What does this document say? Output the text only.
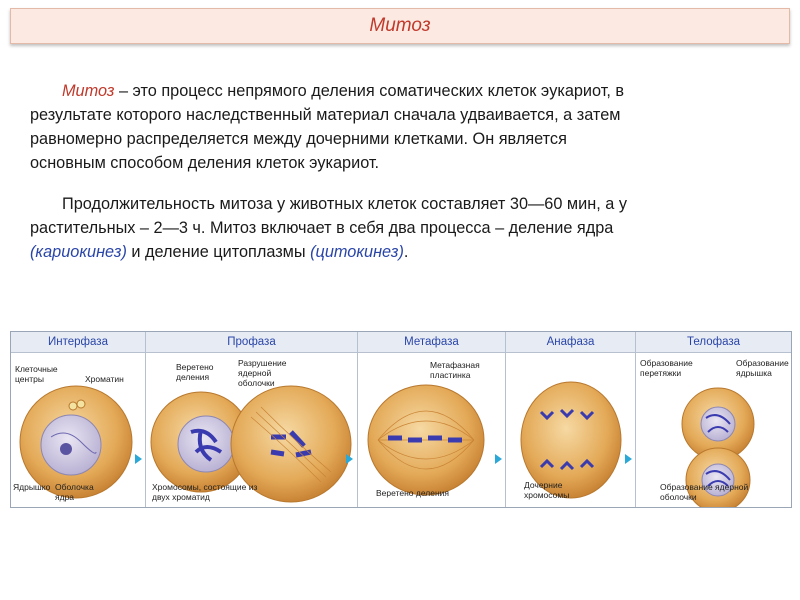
Митоз
Митоз – это процесс непрямого деления соматических клеток эукариот, в
результате которого наследственный материал сначала удваивается, а затем
равномерно распределяется между дочерними клетками. Он является
основным способом деления клеток эукариот.
Продолжительность митоза у животных клеток составляет 30—60 мин, а у
растительных – 2—3 ч. Митоз включает в себя два процесса – деление ядра
(кариокинез) и деление цитоплазмы (цитокинез).
Интерфаза
Клеточные центры	Хроматин
Ядрышко Оболочка ядра
Профаза
Веретено деления
Разрушение ядерной оболочки
Хромосомы, состоящие из двух хроматид
Метафаза
Метафазная пластинка
Веретено деления
Анафаза
Дочерние хромосомы
Телофаза
Образование перетяжки
Образование ядрышка
Образование ядерной оболочки
